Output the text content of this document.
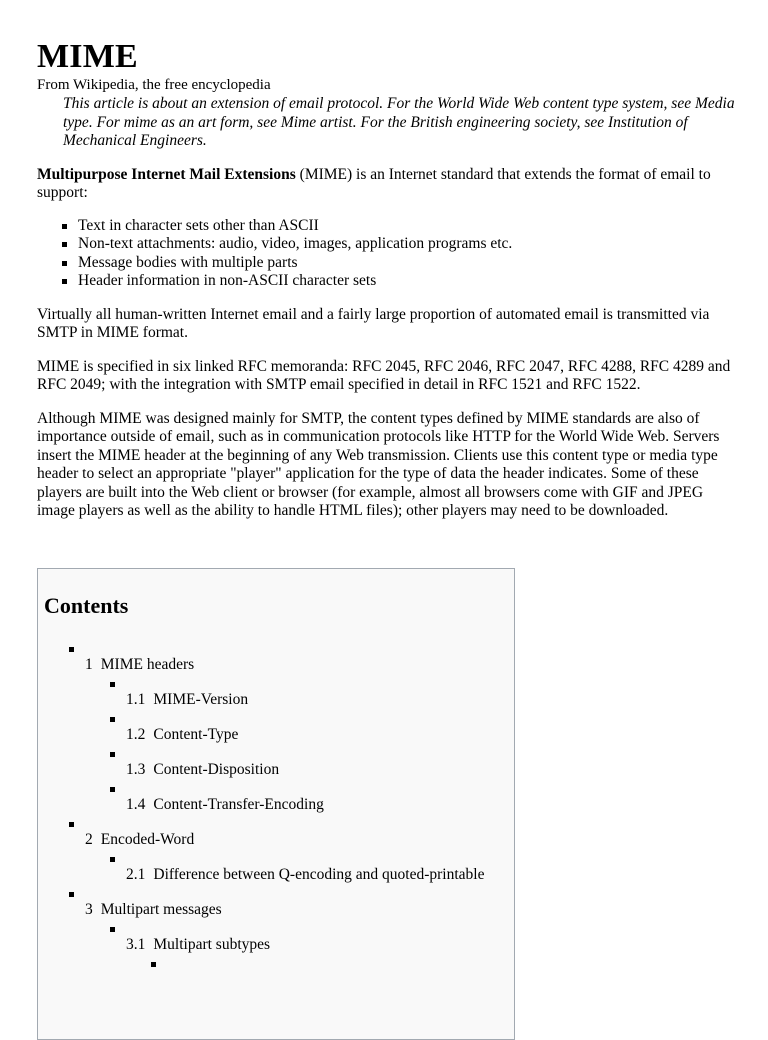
MIME
From Wikipedia, the free encyclopedia
This article is about an extension of email protocol. For the World Wide Web content type system, see Media type. For mime as an art form, see Mime artist. For the British engineering society, see Institution of Mechanical Engineers.

Multipurpose Internet Mail Extensions (MIME) is an Internet standard that extends the format of email to support:

Text in character sets other than ASCII
Non-text attachments: audio, video, images, application programs etc.
Message bodies with multiple parts
Header information in non-ASCII character sets

Virtually all human-written Internet email and a fairly large proportion of automated email is transmitted via SMTP in MIME format.

MIME is specified in six linked RFC memoranda: RFC 2045, RFC 2046, RFC 2047, RFC 4288, RFC 4289 and RFC 2049; with the integration with SMTP email specified in detail in RFC 1521 and RFC 1522.

Although MIME was designed mainly for SMTP, the content types defined by MIME standards are also of importance outside of email, such as in communication protocols like HTTP for the World Wide Web. Servers insert the MIME header at the beginning of any Web transmission. Clients use this content type or media type header to select an appropriate "player" application for the type of data the header indicates. Some of these players are built into the Web client or browser (for example, almost all browsers come with GIF and JPEG image players as well as the ability to handle HTML files); other players may need to be downloaded.

Contents
1 MIME headers
1.1 MIME-Version
1.2 Content-Type
1.3 Content-Disposition
1.4 Content-Transfer-Encoding
2 Encoded-Word
2.1 Difference between Q-encoding and quoted-printable
3 Multipart messages
3.1 Multipart subtypes
